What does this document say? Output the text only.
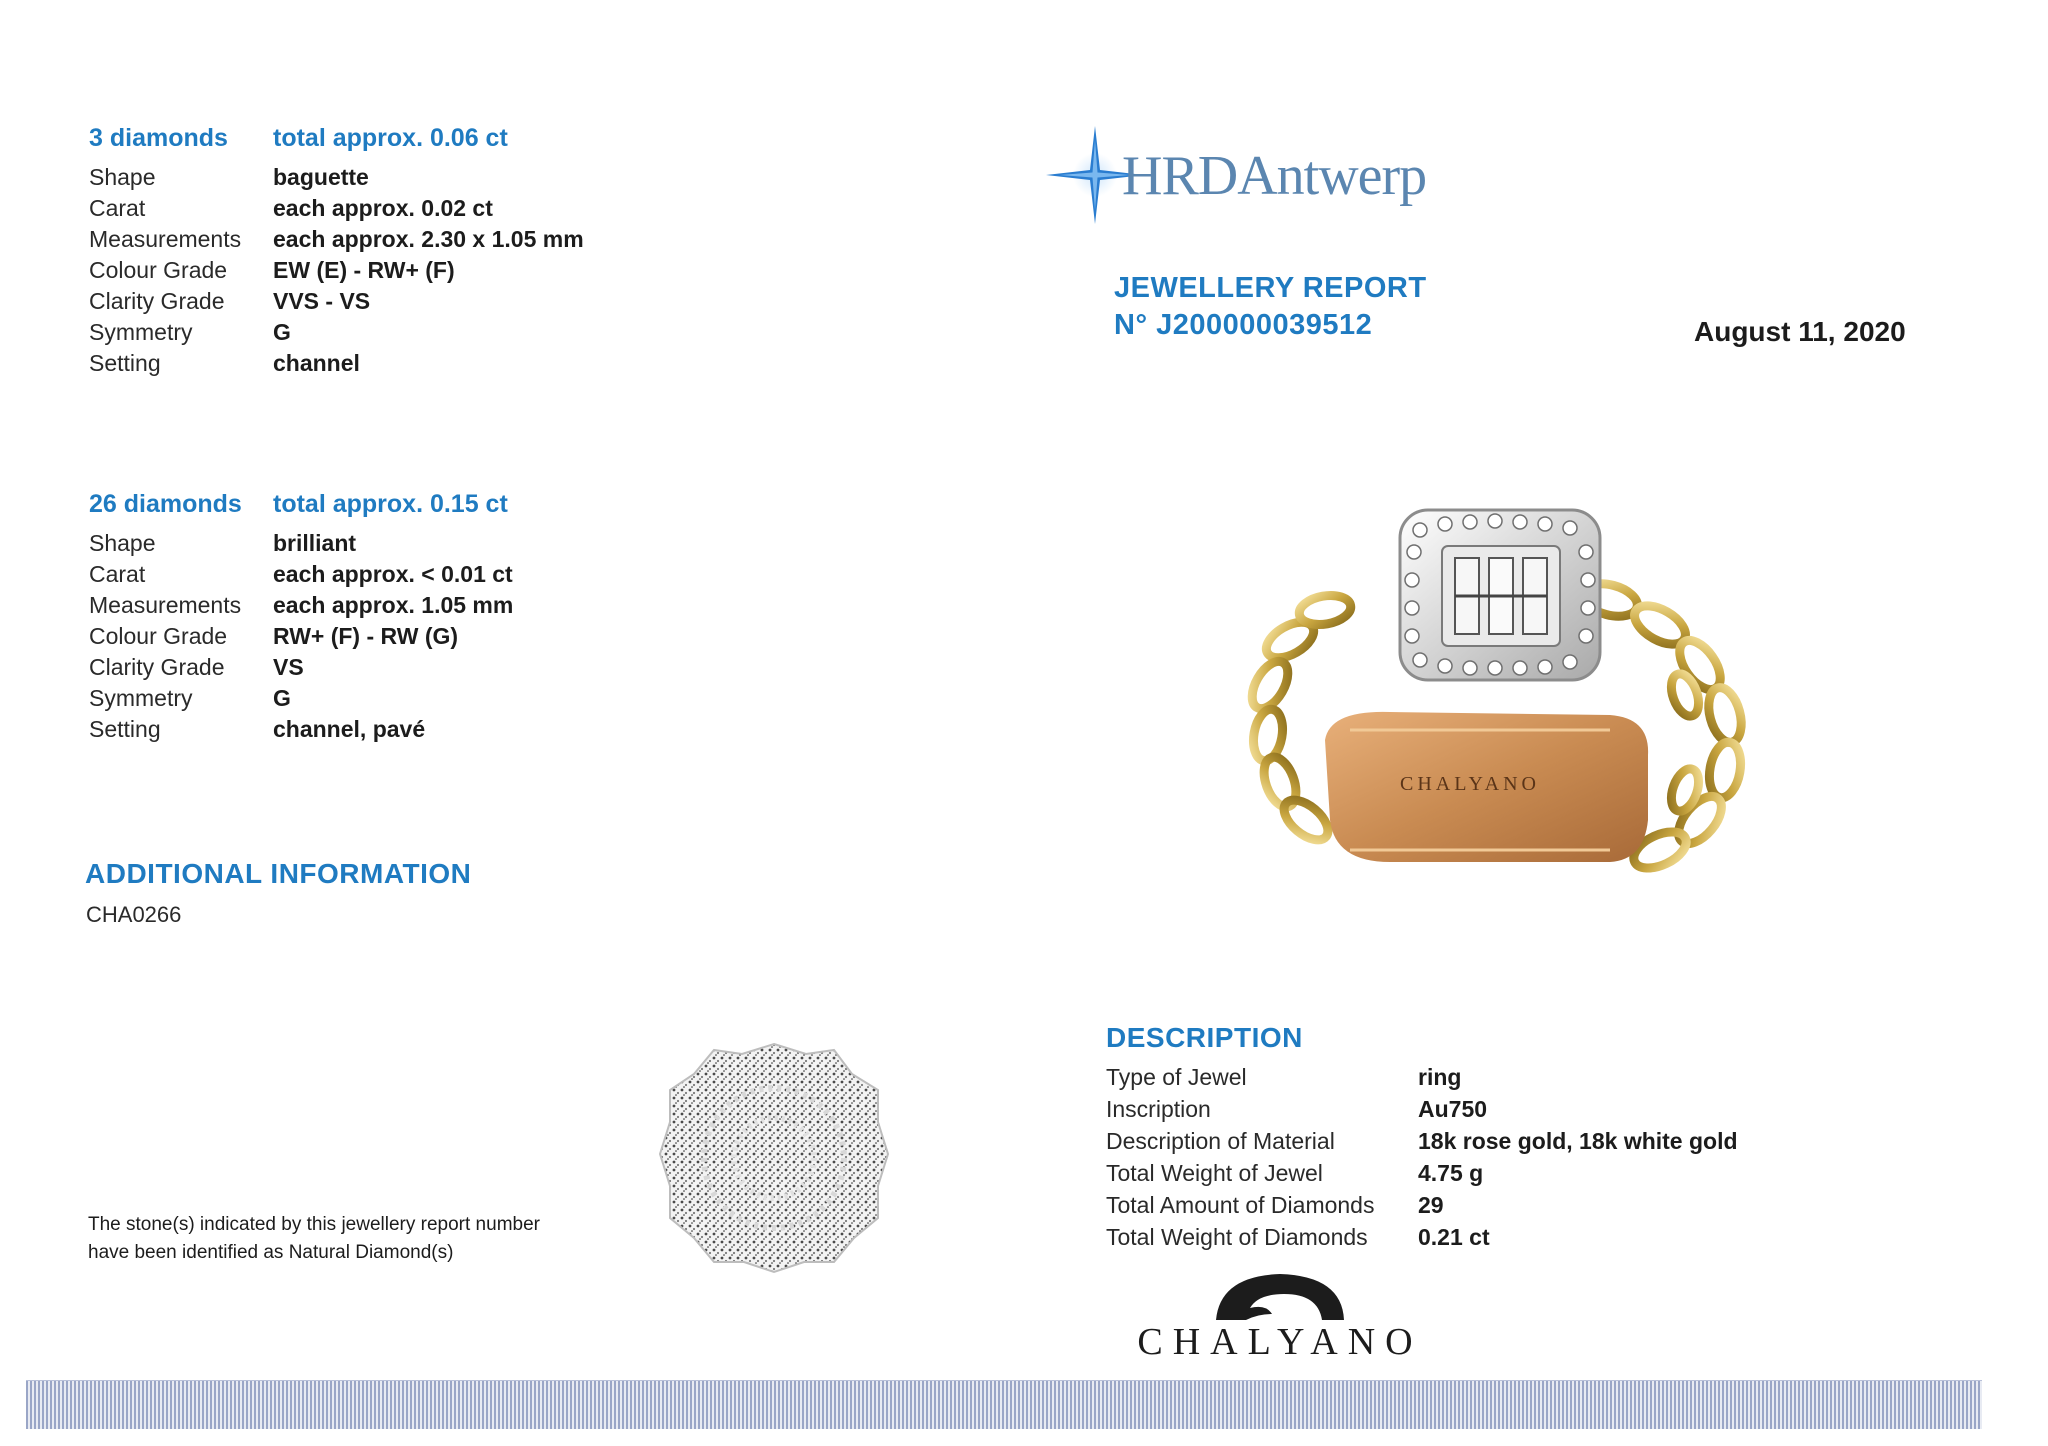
3 diamonds	total approx. 0.06 ct
Shape	baguette
Carat	each approx. 0.02 ct
Measurements	each approx. 2.30 x 1.05 mm
Colour Grade	EW (E) - RW+ (F)
Clarity Grade	VVS - VS
Symmetry	G
Setting	channel
26 diamonds	total approx. 0.15 ct
Shape	brilliant
Carat	each approx. < 0.01 ct
Measurements	each approx. 1.05 mm
Colour Grade	RW+ (F) - RW (G)
Clarity Grade	VS
Symmetry	G
Setting	channel, pavé
ADDITIONAL INFORMATION
CHA0266
The stone(s) indicated by this jewellery report number
have been identified as Natural Diamond(s)
HRDAntwerp
JEWELLERY REPORT
N° J200000039512	August 11, 2020
CHALYANO
DESCRIPTION
Type of Jewel	ring
Inscription	Au750
Description of Material	18k rose gold, 18k white gold
Total Weight of Jewel	4.75 g
Total Amount of Diamonds	29
Total Weight of Diamonds	0.21 ct
CHALYANO
